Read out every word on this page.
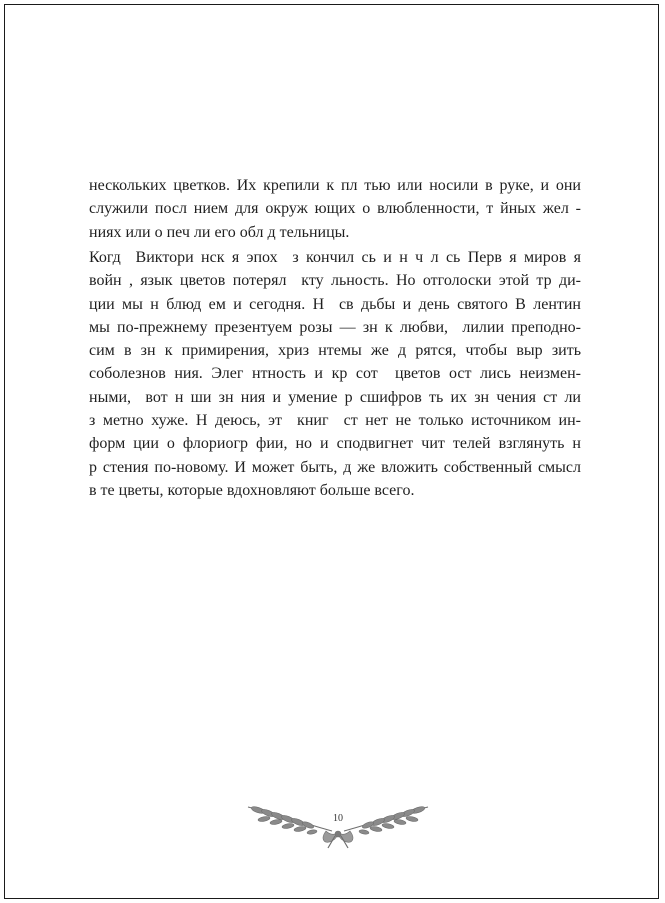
нескольких цветков. Их крепили к пл тью или носили в руке, и они
служили посл нием для окруж ющих о влюбленности, т йных жел -
ниях или о печ ли его обл д тельницы.
Когд  Виктори нск я эпох  з кончил сь и н ч л сь Перв я миров я
войн , язык цветов потерял  кту льность. Но отголоски этой тр ди-
ции мы н блюд ем и сегодня. Н  св дьбы и день святого В лентин
мы по-прежнему презентуем розы — зн к любви,  лилии преподно-
сим в зн к примирения, хриз нтемы же д рятся, чтобы выр зить
соболезнов ния. Элег нтность и кр сот  цветов ост лись неизмен-
ными,  вот н ши зн ния и умение р сшифров ть их зн чения ст ли
з метно хуже. Н деюсь, эт  книг  ст нет не только источником ин-
форм ции о флориогр фии, но и сподвигнет чит телей взглянуть н
р стения по-новому. И может быть, д же вложить собственный смысл
в те цветы, которые вдохновляют больше всего.
10
